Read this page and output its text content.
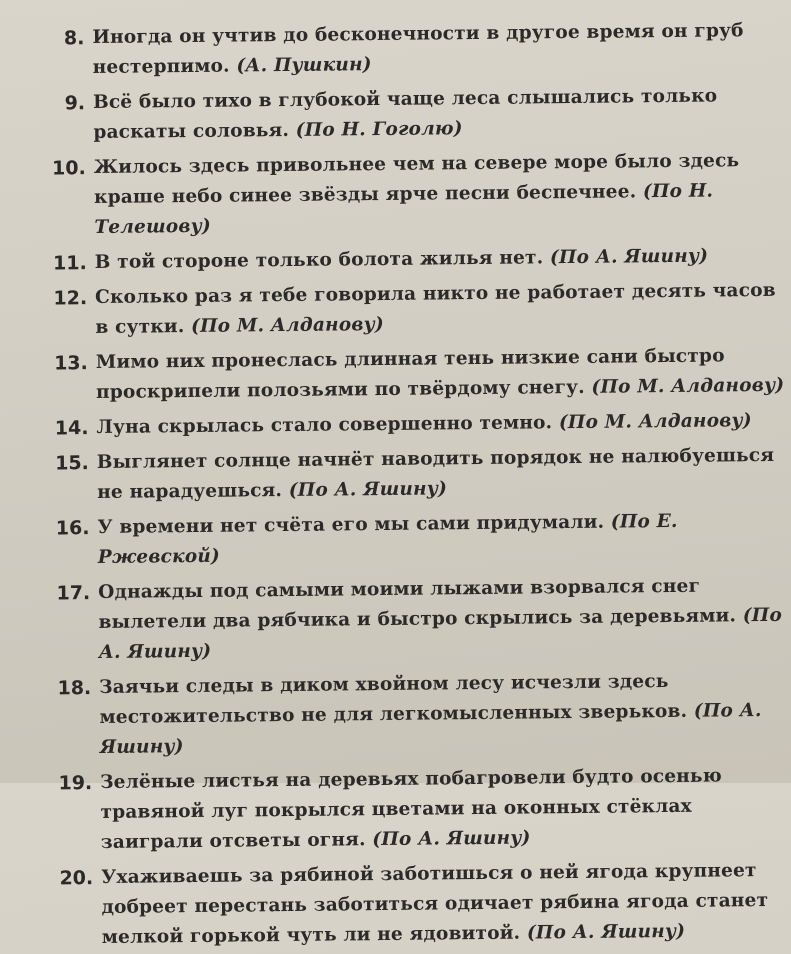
8. Иногда он учтив до бесконечности в другое время он груб нестерпимо. (А. Пушкин)
9. Всё было тихо в глубокой чаще леса слышались только раскаты соловья. (По Н. Гоголю)
10. Жилось здесь привольнее чем на севере море было здесь краше небо синее звёзды ярче песни беспечнее. (По Н. Телешову)
11. В той стороне только болота жилья нет. (По А. Яшину)
12. Сколько раз я тебе говорила никто не работает десять часов в сутки. (По М. Алданову)
13. Мимо них пронеслась длинная тень низкие сани быстро проскрипели полозьями по твёрдому снегу. (По М. Алданову)
14. Луна скрылась стало совершенно темно. (По М. Алданову)
15. Выглянет солнце начнёт наводить порядок не налюбуешься не нарадуешься. (По А. Яшину)
16. У времени нет счёта его мы сами придумали. (По Е. Ржевской)
17. Однажды под самыми моими лыжами взорвался снег вылетели два рябчика и быстро скрылись за деревьями. (По А. Яшину)
18. Заячьи следы в диком хвойном лесу исчезли здесь местожительство не для легкомысленных зверьков. (По А. Яшину)
19. Зелёные листья на деревьях побагровели будто осенью травяной луг покрылся цветами на оконных стёклах заиграли отсветы огня. (По А. Яшину)
20. Ухаживаешь за рябиной заботишься о ней ягода крупнеет добреет перестань заботиться одичает рябина ягода станет мелкой горькой чуть ли не ядовитой. (По А. Яшину)
